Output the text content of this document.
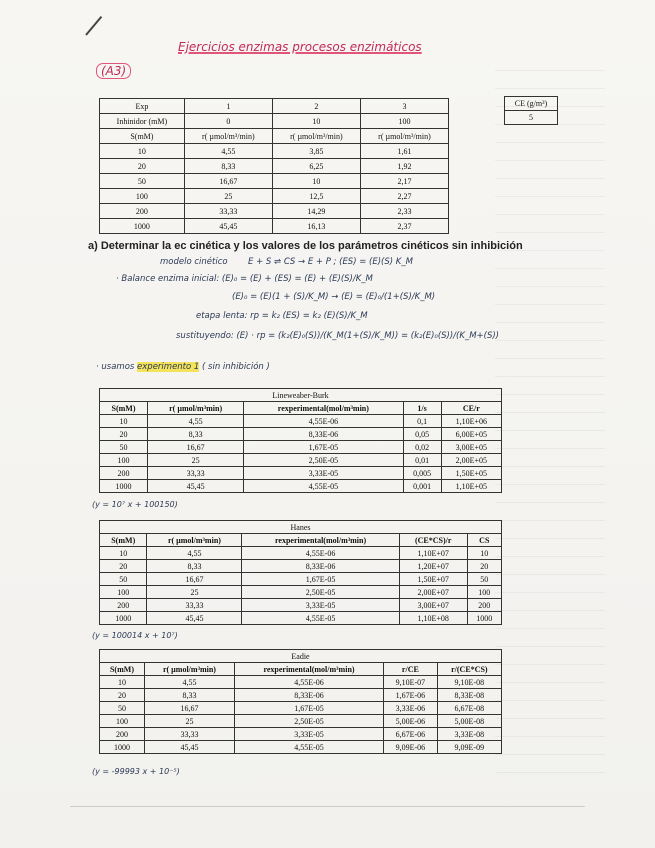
Ejercicios enzimas procesos enzimáticos
(A3)
Exp	1	2	3
Inhinidor (mM)	0	10	100
S(mM)	r( µmol/m³/min)	r( µmol/m³/min)	r( µmol/m³/min)
10	4,55	3,85	1,61
20	8,33	6,25	1,92
50	16,67	10	2,17
100	25	12,5	2,27
200	33,33	14,29	2,33
1000	45,45	16,13	2,37
CE (g/m³)
5
a) Determinar la ec cinética y los valores de los parámetros cinéticos sin inhibición
modelo cinético E + S ⇌ CS → E + P ; (ES) = (E)(S) K_M
· Balance enzima inicial: (E)₀ = (E) + (ES) = (E) + (E)(S)/K_M
(E)₀ = (E)(1 + (S)/K_M) → (E) = (E)₀/(1+(S)/K_M)
etapa lenta: rp = k₂ (ES) = k₂ (E)(S)/K_M
sustituyendo: (E) · rp = (k₂(E)₀(S))/(K_M(1+(S)/K_M)) = (k₂(E)₀(S))/(K_M+(S))
· usamos experimento 1 ( sin inhibición )
Lineweaber-Burk				
S(mM)	r( µmol/m³min)	rexperimental(mol/m³min)	1/s	CE/r
10	4,55	4,55E-06	0,1	1,10E+06
20	8,33	8,33E-06	0,05	6,00E+05
50	16,67	1,67E-05	0,02	3,00E+05
100	25	2,50E-05	0,01	2,00E+05
200	33,33	3,33E-05	0,005	1,50E+05
1000	45,45	4,55E-05	0,001	1,10E+05
(y = 10⁷ x + 100150)
Hanes				
S(mM)	r( µmol/m³min)	rexperimental(mol/m³min)	(CE*CS)/r	CS
10	4,55	4,55E-06	1,10E+07	10
20	8,33	8,33E-06	1,20E+07	20
50	16,67	1,67E-05	1,50E+07	50
100	25	2,50E-05	2,00E+07	100
200	33,33	3,33E-05	3,00E+07	200
1000	45,45	4,55E-05	1,10E+08	1000
(y = 100014 x + 10⁷)
Eadie				
S(mM)	r( µmol/m³min)	rexperimental(mol/m³min)	r/CE	r/(CE*CS)
10	4,55	4,55E-06	9,10E-07	9,10E-08
20	8,33	8,33E-06	1,67E-06	8,33E-08
50	16,67	1,67E-05	3,33E-06	6,67E-08
100	25	2,50E-05	5,00E-06	5,00E-08
200	33,33	3,33E-05	6,67E-06	3,33E-08
1000	45,45	4,55E-05	9,09E-06	9,09E-09
(y = -99993 x + 10⁻⁵)
